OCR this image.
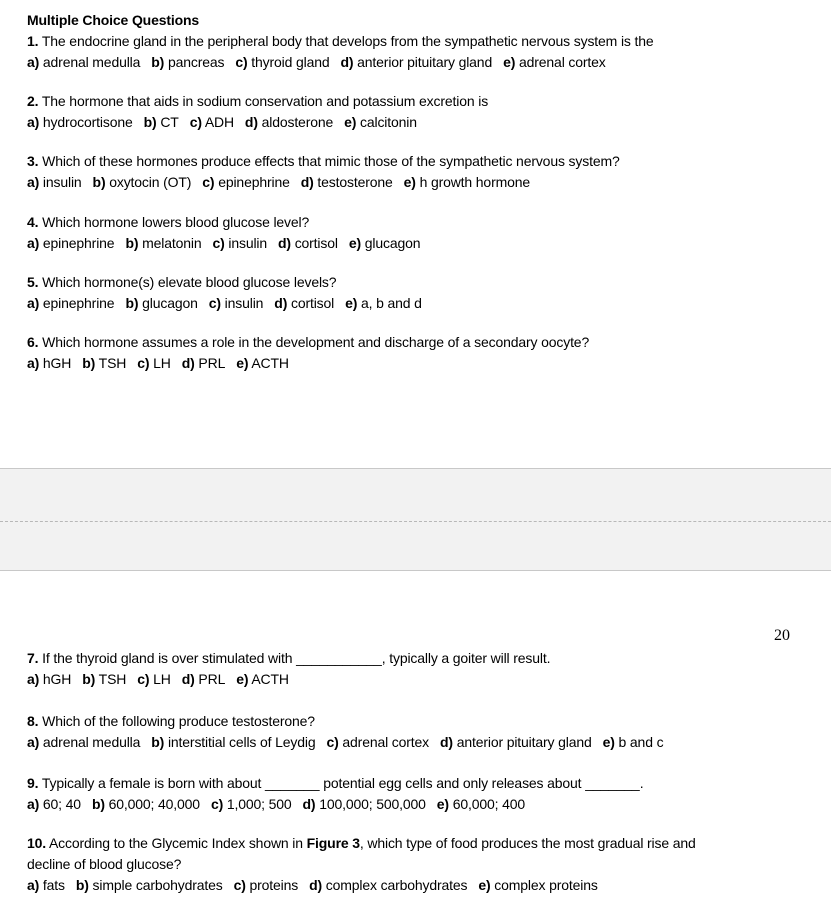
Multiple Choice Questions
20
1. The endocrine gland in the peripheral body that develops from the sympathetic nervous system is the
a) adrenal medulla b) pancreas c) thyroid gland d) anterior pituitary gland e) adrenal cortex
2. The hormone that aids in sodium conservation and potassium excretion is
a) hydrocortisone b) CT c) ADH d) aldosterone e) calcitonin
3. Which of these hormones produce effects that mimic those of the sympathetic nervous system?
a) insulin b) oxytocin (OT) c) epinephrine d) testosterone e) h growth hormone
4. Which hormone lowers blood glucose level?
a) epinephrine b) melatonin c) insulin d) cortisol e) glucagon
5. Which hormone(s) elevate blood glucose levels?
a) epinephrine b) glucagon c) insulin d) cortisol e) a, b and d
6. Which hormone assumes a role in the development and discharge of a secondary oocyte?
a) hGH b) TSH c) LH d) PRL e) ACTH
7. If the thyroid gland is over stimulated with ___________, typically a goiter will result.
a) hGH b) TSH c) LH d) PRL e) ACTH
8. Which of the following produce testosterone?
a) adrenal medulla b) interstitial cells of Leydig c) adrenal cortex d) anterior pituitary gland e) b and c
9. Typically a female is born with about _______ potential egg cells and only releases about _______.
a) 60; 40 b) 60,000; 40,000 c) 1,000; 500 d) 100,000; 500,000 e) 60,000; 400
10. According to the Glycemic Index shown in Figure 3, which type of food produces the most gradual rise and
decline of blood glucose?
a) fats b) simple carbohydrates c) proteins d) complex carbohydrates e) complex proteins
